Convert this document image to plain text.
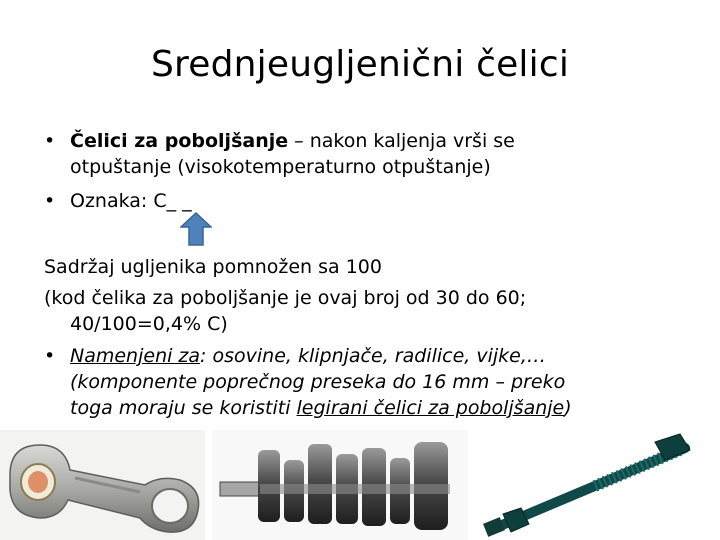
Srednjeugljenični čelici
• Čelici za poboljšanje – nakon kaljenja vrši se
otpuštanje (visokotemperaturno otpuštanje)
• Oznaka: C_ _
Sadržaj ugljenika pomnožen sa 100
(kod čelika za poboljšanje je ovaj broj od 30 do 60;
40/100=0,4% C)
• Namenjeni za: osovine, klipnjače, radilice, vijke,…
(komponente poprečnog preseka do 16 mm – preko
toga moraju se koristiti legirani čelici za poboljšanje)
